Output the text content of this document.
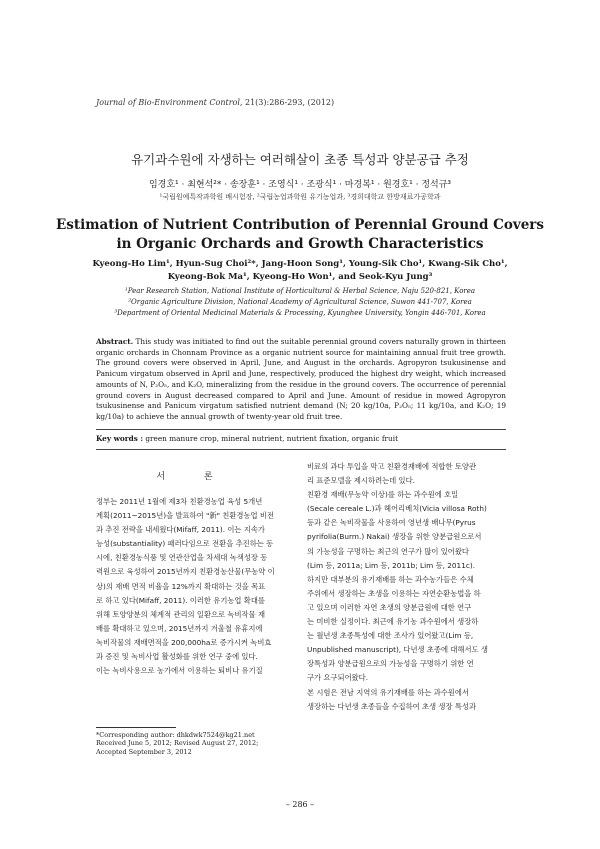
Journal of Bio-Environment Control, 21(3):286-293, (2012)
유기과수원에 자생하는 여러해살이 초종 특성과 양분공급 추정
임경호¹ · 최현석²* · 송장훈¹ · 조영식¹ · 조광식¹ · 마경복¹ · 원경호¹ · 정석규³
¹국립원예특작과학원 배시험장, ²국립농업과학원 유기농업과, ³경희대학교 한방재료가공학과
Estimation of Nutrient Contribution of Perennial Ground Covers
in Organic Orchards and Growth Characteristics
Kyeong-Ho Lim¹, Hyun-Sug Choi²*, Jang-Hoon Song¹, Young-Sik Cho¹, Kwang-Sik Cho¹,
Kyeong-Bok Ma¹, Kyeong-Ho Won¹, and Seok-Kyu Jung³
¹Pear Research Station, National Institute of Horticultural & Herbal Science, Naju 520-821, Korea
²Organic Agriculture Division, National Academy of Agricultural Science, Suwon 441-707, Korea
³Department of Oriental Medicinal Materials & Processing, Kyunghee University, Yongin 446-701, Korea
Abstract. This study was initiated to find out the suitable perennial ground covers naturally grown in thirteen organic orchards in Chonnam Province as a organic nutrient source for maintaining annual fruit tree growth. The ground covers were observed in April, June, and August in the orchards. Agropyron tsukusinense and Panicum virgatum observed in April and June, respectively, produced the highest dry weight, which increased amounts of N, P₂O₅, and K₂O, mineralizing from the residue in the ground covers. The occurrence of perennial ground covers in August decreased compared to April and June. Amount of residue in mowed Agropyron tsukusinense and Panicum virgatum satisfied nutrient demand (N; 20 kg/10a, P₂O₅; 11 kg/10a, and K₂O; 19 kg/10a) to achieve the annual growth of twenty-year old fruit tree.
Key words : green manure crop, mineral nutrient, nutrient fixation, organic fruit
서 론
정부는 2011년 1월에 제3차 친환경농업 육성 5개년
계획(2011~2015년)을 발표하여 "新" 친환경농업 비전
과 추진 전략을 내세웠다(Mifaff, 2011). 이는 지속가
능성(substantiality) 패러다임으로 전환을 추진하는 동
시에, 친환경농식품 및 연관산업을 차세대 녹색성장 동
력원으로 육성하여 2015년까지 친환경농산물(무농약 이
상)의 재배 면적 비율을 12%까지 확대하는 것을 목표
로 하고 있다(Mifaff, 2011). 이러한 유기농업 확대를
위해 토양양분의 체계적 관리의 일환으로 녹비작물 재
배를 확대하고 있으며, 2015년까지 겨울철 유휴지에
녹비작물의 재배면적을 200,000ha로 증가시켜 녹비효
과 증진 및 녹비사업 활성화를 위한 연구 중에 있다.
이는 녹비사용으로 농가에서 이용하는 퇴비나 유기질
비료의 과다 투입을 막고 친환경재배에 적합한 토양관
리 표준모델을 제시하려는데 있다.
친환경 재배(무농약 이상)를 하는 과수원에 호밀
(Secale cereale L.)과 헤어리베치(Vicia villosa Roth)
등과 같은 녹비작물을 사용하여 영년생 배나무(Pyrus
pyrifolia(Burm.) Nakai) 생장을 위한 양분급원으로서
의 가능성을 구명하는 최근의 연구가 많이 있어왔다
(Lim 등, 2011a; Lim 등, 2011b; Lim 등, 2011c).
하지만 대부분의 유기재배를 하는 과수농가들은 수체
주위에서 생장하는 초생을 이용하는 자연순환농법을 하
고 있으며 이러한 자연 초생의 양분급원에 대한 연구
는 미비한 실정이다. 최근에 유기농 과수원에서 생장하
는 월년생 초종특성에 대한 조사가 있어왔고(Lim 등,
Unpublished manuscript), 다년생 초종에 대해서도 생
장특성과 양분급원으로의 가능성을 구명하기 위한 연
구가 요구되어왔다.
본 시험은 전남 지역의 유기재배를 하는 과수원에서
생장하는 다년생 초종들을 수집하여 초생 생장 특성과
*Corresponding author: dhkdwk7524@kg21.net
Received June 5, 2012; Revised August 27, 2012;
Accepted September 3, 2012
– 286 –
